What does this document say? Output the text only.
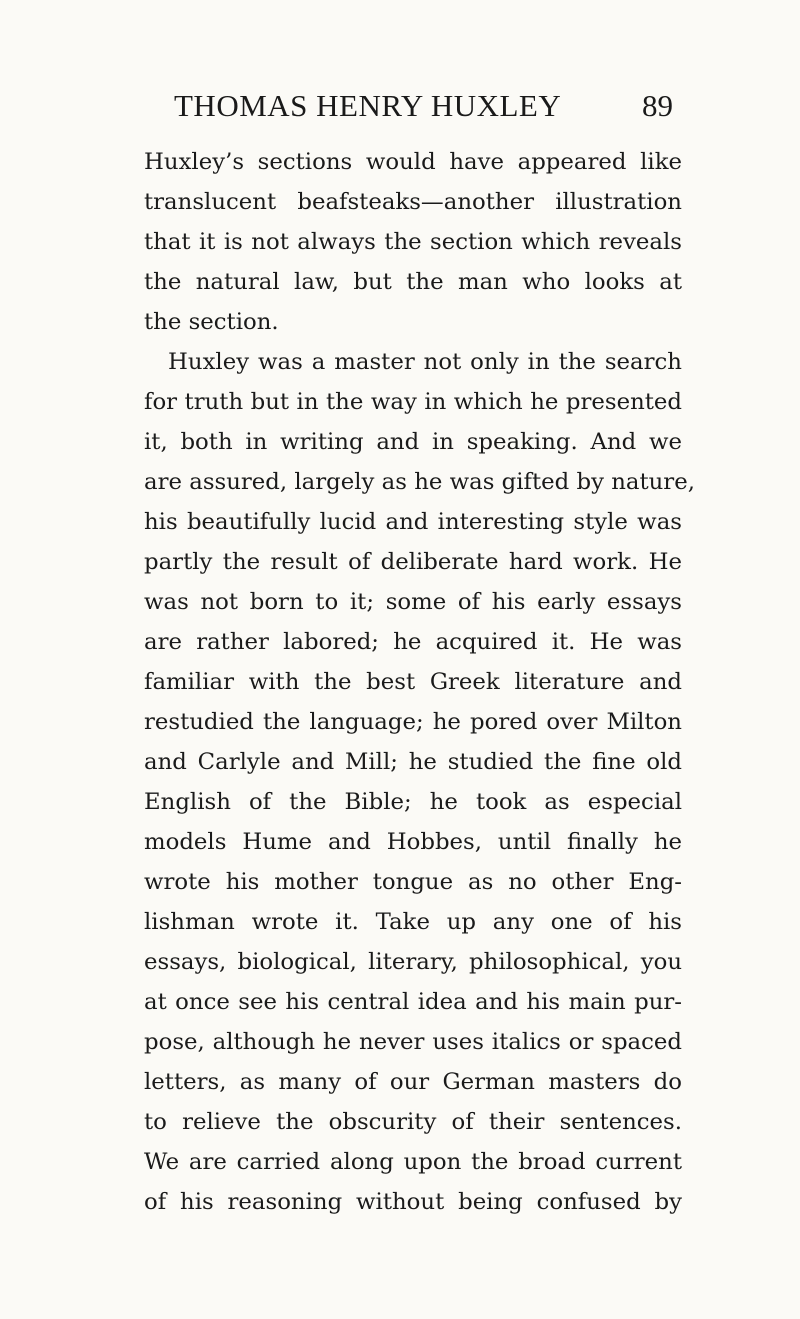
THOMAS HENRY HUXLEY	89
Huxley’s sections would have appeared like
translucent beafsteaks—another illustration
that it is not always the section which reveals
the natural law, but the man who looks at
the section.
Huxley was a master not only in the search
for truth but in the way in which he presented
it, both in writing and in speaking. And we
are assured, largely as he was gifted by nature,
his beautifully lucid and interesting style was
partly the result of deliberate hard work. He
was not born to it; some of his early essays
are rather labored; he acquired it. He was
familiar with the best Greek literature and
restudied the language; he pored over Milton
and Carlyle and Mill; he studied the fine old
English of the Bible; he took as especial
models Hume and Hobbes, until finally he
wrote his mother tongue as no other Eng-
lishman wrote it. Take up any one of his
essays, biological, literary, philosophical, you
at once see his central idea and his main pur-
pose, although he never uses italics or spaced
letters, as many of our German masters do
to relieve the obscurity of their sentences.
We are carried along upon the broad current
of his reasoning without being confused by
